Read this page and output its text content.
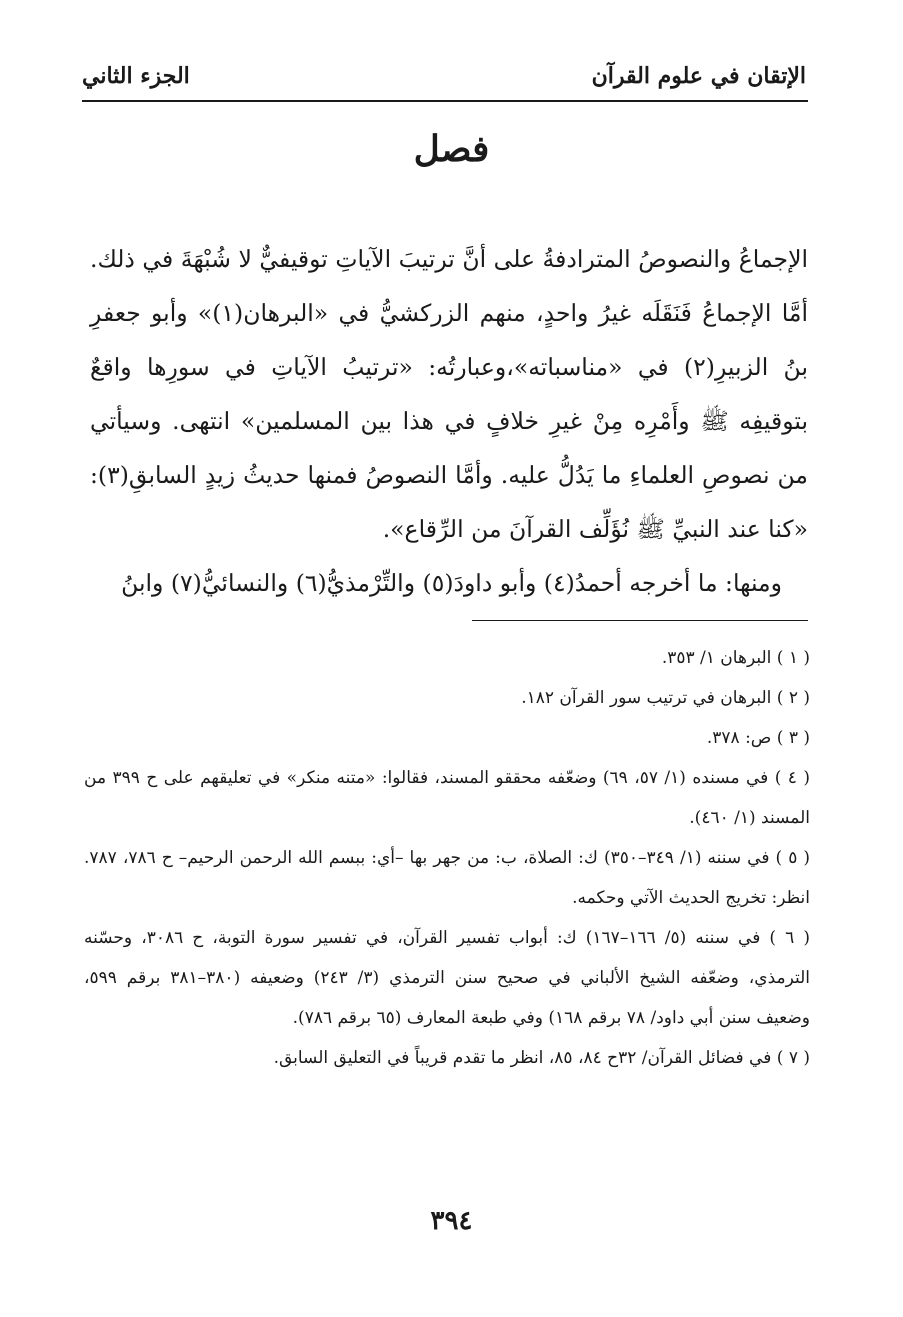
الإتقان في علوم القرآن
الجزء الثاني
فصل

الإجماعُ والنصوصُ المترادفةُ على أنَّ ترتيبَ الآياتِ توقيفيٌّ لا شُبْهَةَ في ذلك. أمَّا الإجماعُ فَنَقَلَه غيرُ واحدٍ، منهم الزركشيُّ في «البرهان(١)» وأبو جعفرِ بنُ الزبيرِ(٢) في «مناسباته»،وعبارتُه: «ترتيبُ الآياتِ في سورِها واقعٌ بتوقيفِه ﷺ وأَمْرِه مِنْ غيرِ خلافٍ في هذا بين المسلمين» انتهى. وسيأتي من نصوصِ العلماءِ ما يَدُلُّ عليه. وأمَّا النصوصُ فمنها حديثُ زيدٍ السابقِ(٣): «كنا عند النبيِّ ﷺ نُؤَلِّف القرآنَ من الرِّقاع».

ومنها: ما أخرجه أحمدُ(٤) وأبو داودَ(٥) والتِّرْمذيُّ(٦) والنسائيُّ(٧) وابنُ

( ١ ) البرهان ١/ ٣٥٣.

( ٢ ) البرهان في ترتيب سور القرآن ١٨٢.

( ٣ ) ص: ٣٧٨.

( ٤ ) في مسنده (١/ ٥٧، ٦٩) وضعّفه محققو المسند، فقالوا: «متنه منكر» في تعليقهم على ح ٣٩٩ من المسند (١/ ٤٦٠).

( ٥ ) في سننه (١/ ٣٤٩–٣٥٠) ك: الصلاة، ب: من جهر بها –أي: ببسم الله الرحمن الرحيم– ح ٧٨٦، ٧٨٧. انظر: تخريج الحديث الآتي وحكمه.

( ٦ ) في سننه (٥/ ١٦٦–١٦٧) ك: أبواب تفسير القرآن، في تفسير سورة التوبة، ح ٣٠٨٦، وحسّنه الترمذي، وضعّفه الشيخ الألباني في صحيح سنن الترمذي (٣/ ٢٤٣) وضعيفه (٣٨٠–٣٨١ برقم ٥٩٩، وضعيف سنن أبي داود/ ٧٨ برقم ١٦٨) وفي طبعة المعارف (٦٥ برقم ٧٨٦).

( ٧ ) في فضائل القرآن/ ٣٢ح ٨٤، ٨٥، انظر ما تقدم قريباً في التعليق السابق.

٣٩٤
